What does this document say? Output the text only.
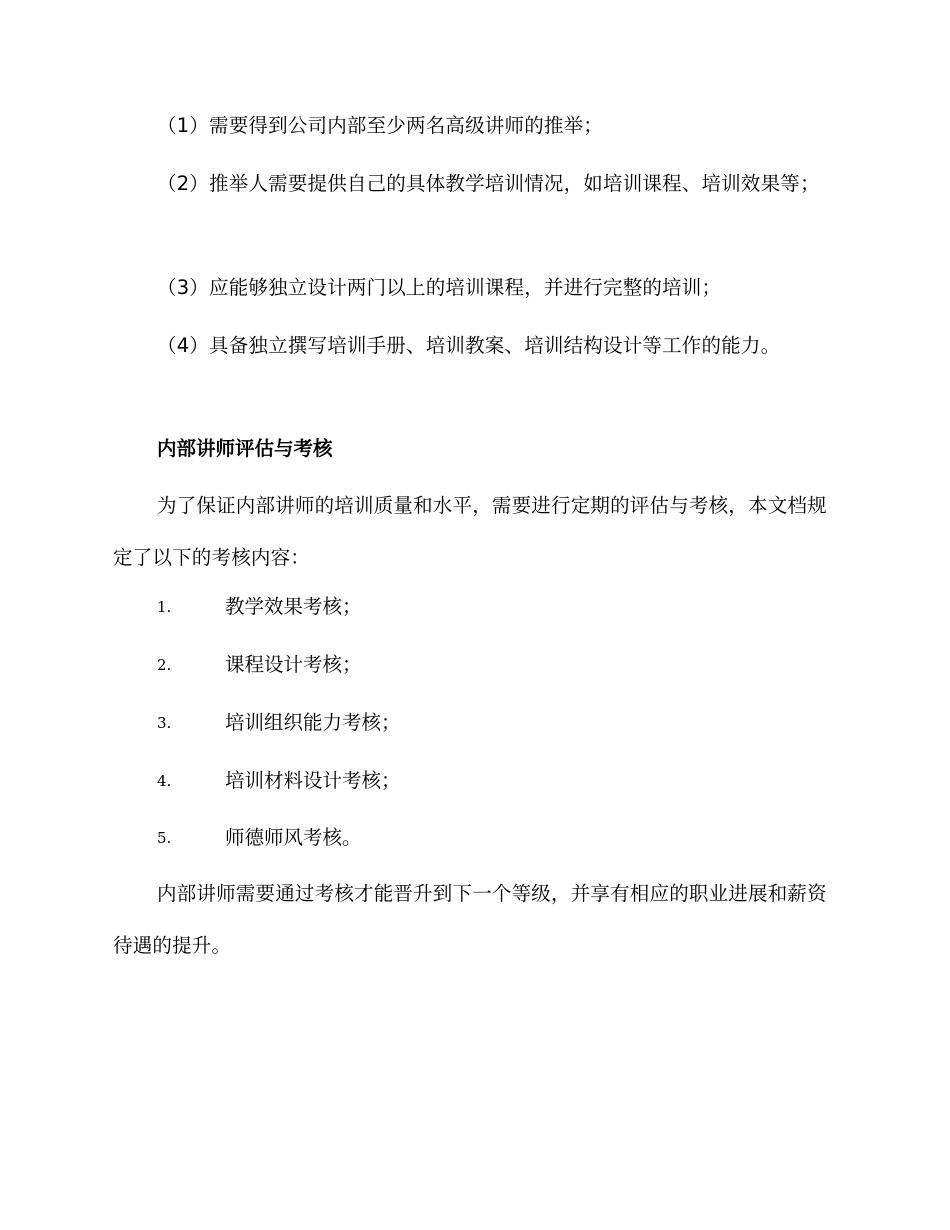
（1）需要得到公司内部至少两名高级讲师的推举；

（2）推举人需要提供自己的具体教学培训情况，如培训课程、培训效果等；

（3）应能够独立设计两门以上的培训课程，并进行完整的培训；

（4）具备独立撰写培训手册、培训教案、培训结构设计等工作的能力。

内部讲师评估与考核

为了保证内部讲师的培训质量和水平，需要进行定期的评估与考核，本文档规定了以下的考核内容：

1.	教学效果考核；
2.	课程设计考核；
3.	培训组织能力考核；
4.	培训材料设计考核；
5.	师德师风考核。

内部讲师需要通过考核才能晋升到下一个等级，并享有相应的职业进展和薪资待遇的提升。
